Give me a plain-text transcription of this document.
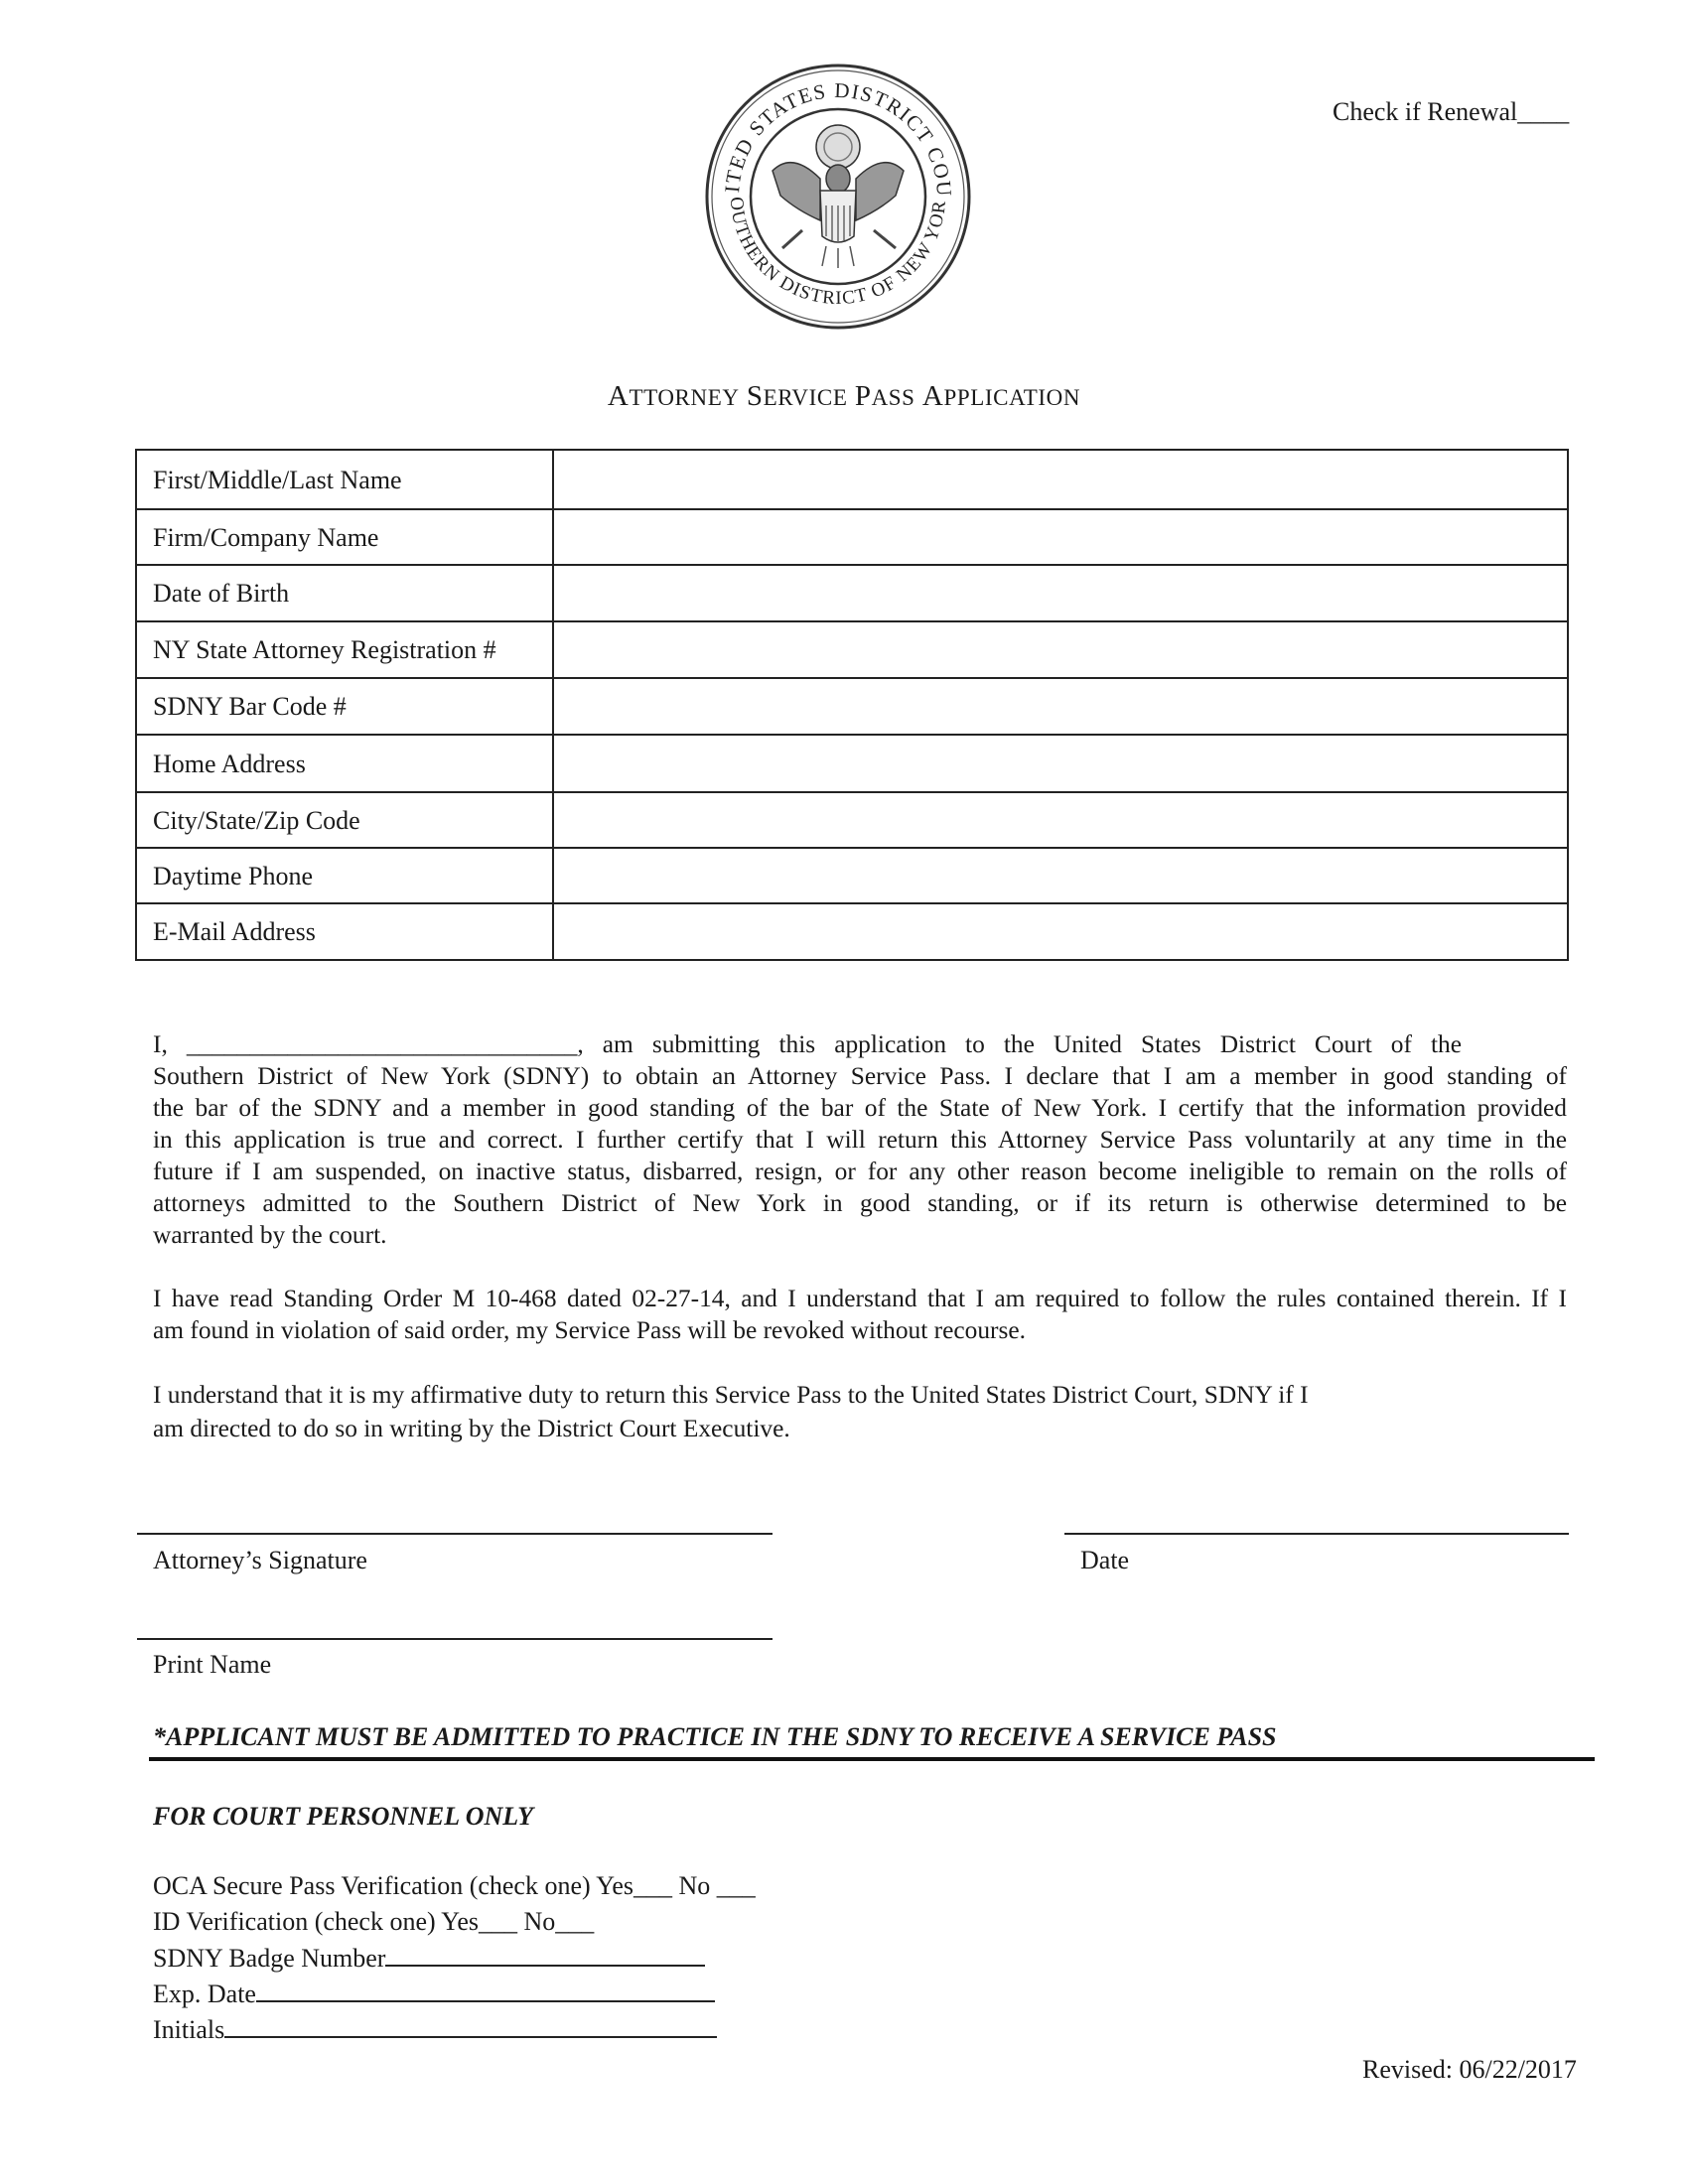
ITED STATES DISTRICT COU
OUTHERN DISTRICT OF NEW YOR
Check if Renewal____
ATTORNEY SERVICE PASS APPLICATION
First/Middle/Last Name
Firm/Company Name
Date of Birth
NY State Attorney Registration #
SDNY Bar Code #
Home Address
City/State/Zip Code
Daytime Phone
E-Mail Address
I, _______________________________, am submitting this application to the United States District Court of the
Southern District of New York (SDNY) to obtain an Attorney Service Pass. I declare that I am a member in good standing of
the bar of the SDNY and a member in good standing of the bar of the State of New York. I certify that the information provided
in this application is true and correct. I further certify that I will return this Attorney Service Pass voluntarily at any time in the
future if I am suspended, on inactive status, disbarred, resign, or for any other reason become ineligible to remain on the rolls of
attorneys admitted to the Southern District of New York in good standing, or if its return is otherwise determined to be
warranted by the court.
I have read Standing Order M 10-468 dated 02-27-14, and I understand that I am required to follow the rules contained therein. If I
am found in violation of said order, my Service Pass will be revoked without recourse.
I understand that it is my affirmative duty to return this Service Pass to the United States District Court, SDNY if I
am directed to do so in writing by the District Court Executive.
Attorney’s Signature	Date
Print Name
*APPLICANT MUST BE ADMITTED TO PRACTICE IN THE SDNY TO RECEIVE A SERVICE PASS
FOR COURT PERSONNEL ONLY
OCA Secure Pass Verification (check one) Yes___ No ___
ID Verification (check one) Yes___ No___
SDNY Badge Number
Exp. Date
Initials
Revised: 06/22/2017
